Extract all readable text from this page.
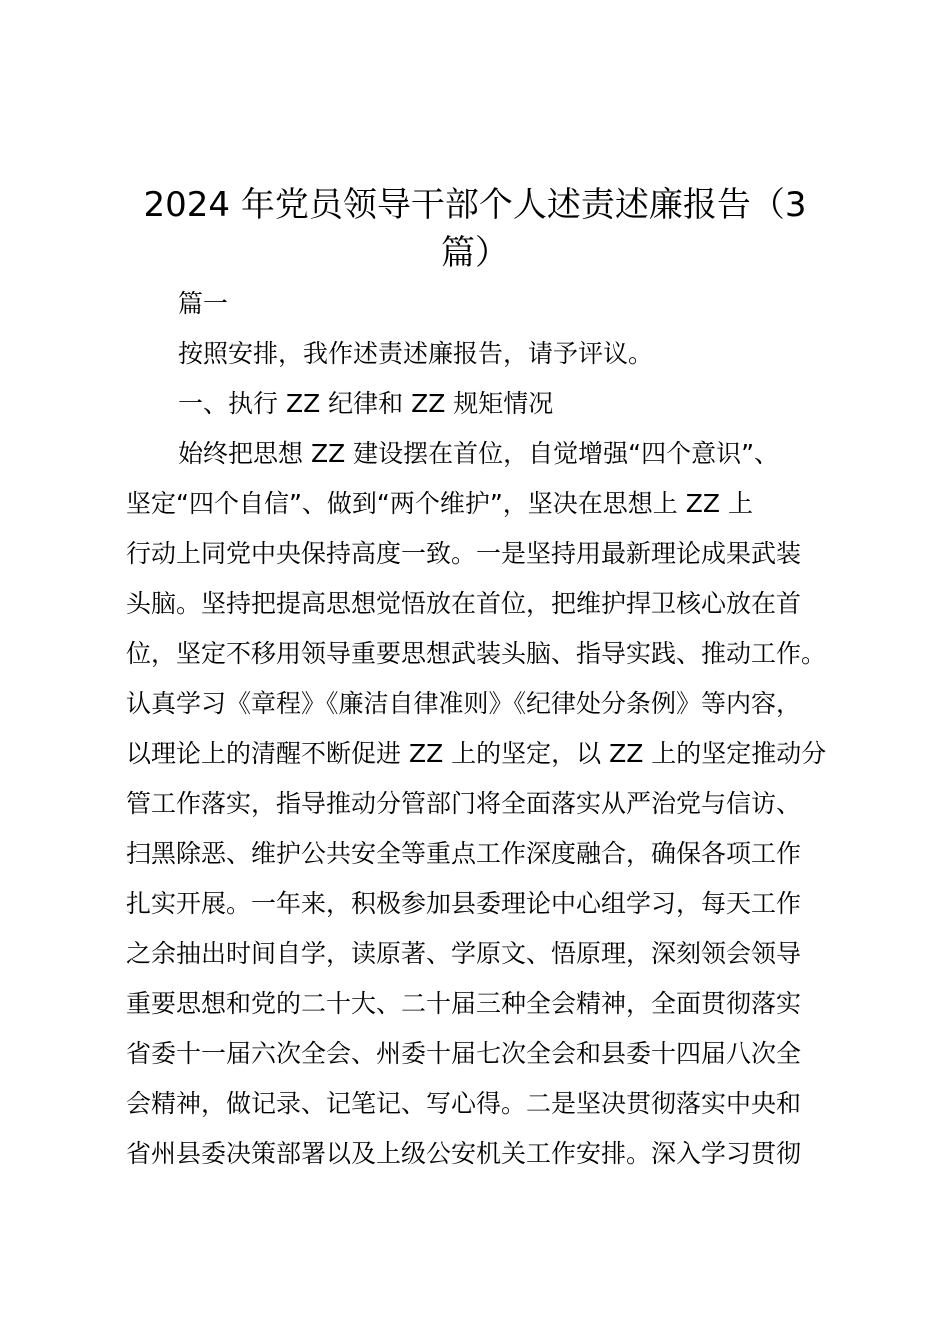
2024 年党员领导干部个人述责述廉报告（3
篇）

篇一

按照安排，我作述责述廉报告，请予评议。

一、执行 ZZ 纪律和 ZZ 规矩情况

始终把思想 ZZ 建设摆在首位，自觉增强“四个意识”、
坚定“四个自信”、做到“两个维护”，坚决在思想上 ZZ 上
行动上同党中央保持高度一致。一是坚持用最新理论成果武装
头脑。坚持把提高思想觉悟放在首位，把维护捍卫核心放在首
位，坚定不移用领导重要思想武装头脑、指导实践、推动工作。
认真学习《章程》《廉洁自律准则》《纪律处分条例》等内容，
以理论上的清醒不断促进 ZZ 上的坚定，以 ZZ 上的坚定推动分
管工作落实，指导推动分管部门将全面落实从严治党与信访、
扫黑除恶、维护公共安全等重点工作深度融合，确保各项工作
扎实开展。一年来，积极参加县委理论中心组学习，每天工作
之余抽出时间自学，读原著、学原文、悟原理，深刻领会领导
重要思想和党的二十大、二十届三种全会精神，全面贯彻落实
省委十一届六次全会、州委十届七次全会和县委十四届八次全
会精神，做记录、记笔记、写心得。二是坚决贯彻落实中央和
省州县委决策部署以及上级公安机关工作安排。深入学习贯彻
